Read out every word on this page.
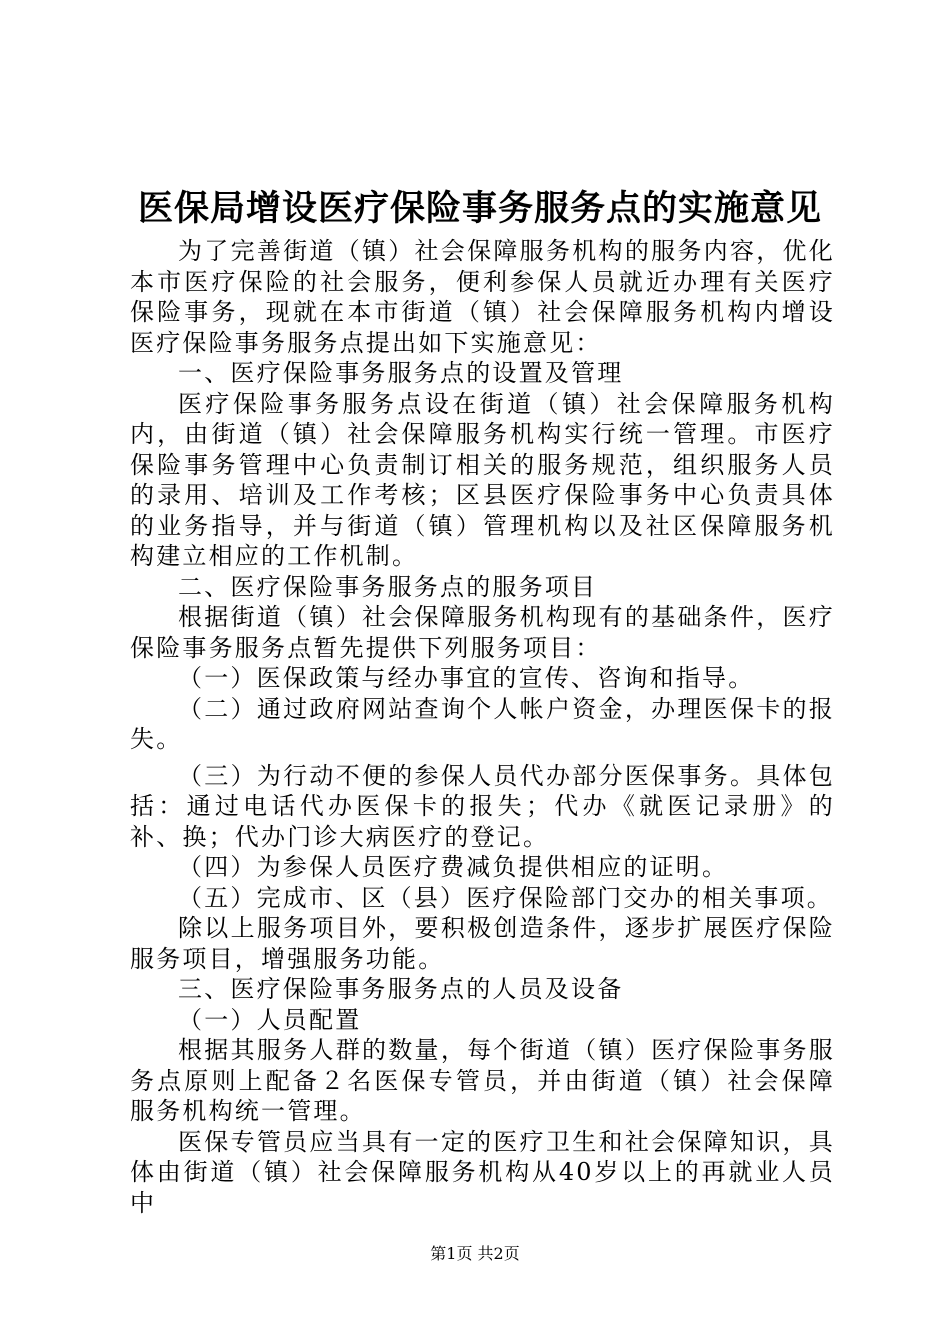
医保局增设医疗保险事务服务点的实施意见

为了完善街道（镇）社会保障服务机构的服务内容，优化本市医疗保险的社会服务，便利参保人员就近办理有关医疗保险事务，现就在本市街道（镇）社会保障服务机构内增设医疗保险事务服务点提出如下实施意见：

一、医疗保险事务服务点的设置及管理

医疗保险事务服务点设在街道（镇）社会保障服务机构内，由街道（镇）社会保障服务机构实行统一管理。市医疗保险事务管理中心负责制订相关的服务规范，组织服务人员的录用、培训及工作考核；区县医疗保险事务中心负责具体的业务指导，并与街道（镇）管理机构以及社区保障服务机构建立相应的工作机制。

二、医疗保险事务服务点的服务项目

根据街道（镇）社会保障服务机构现有的基础条件，医疗保险事务服务点暂先提供下列服务项目：

（一）医保政策与经办事宜的宣传、咨询和指导。

（二）通过政府网站查询个人帐户资金，办理医保卡的报失。

（三）为行动不便的参保人员代办部分医保事务。具体包括：通过电话代办医保卡的报失；代办《就医记录册》的补、换；代办门诊大病医疗的登记。

（四）为参保人员医疗费减负提供相应的证明。

（五）完成市、区（县）医疗保险部门交办的相关事项。

除以上服务项目外，要积极创造条件，逐步扩展医疗保险服务项目，增强服务功能。

三、医疗保险事务服务点的人员及设备

（一）人员配置

根据其服务人群的数量，每个街道（镇）医疗保险事务服务点原则上配备２名医保专管员，并由街道（镇）社会保障服务机构统一管理。

医保专管员应当具有一定的医疗卫生和社会保障知识，具体由街道（镇）社会保障服务机构从40岁以上的再就业人员中

第1页 共2页
